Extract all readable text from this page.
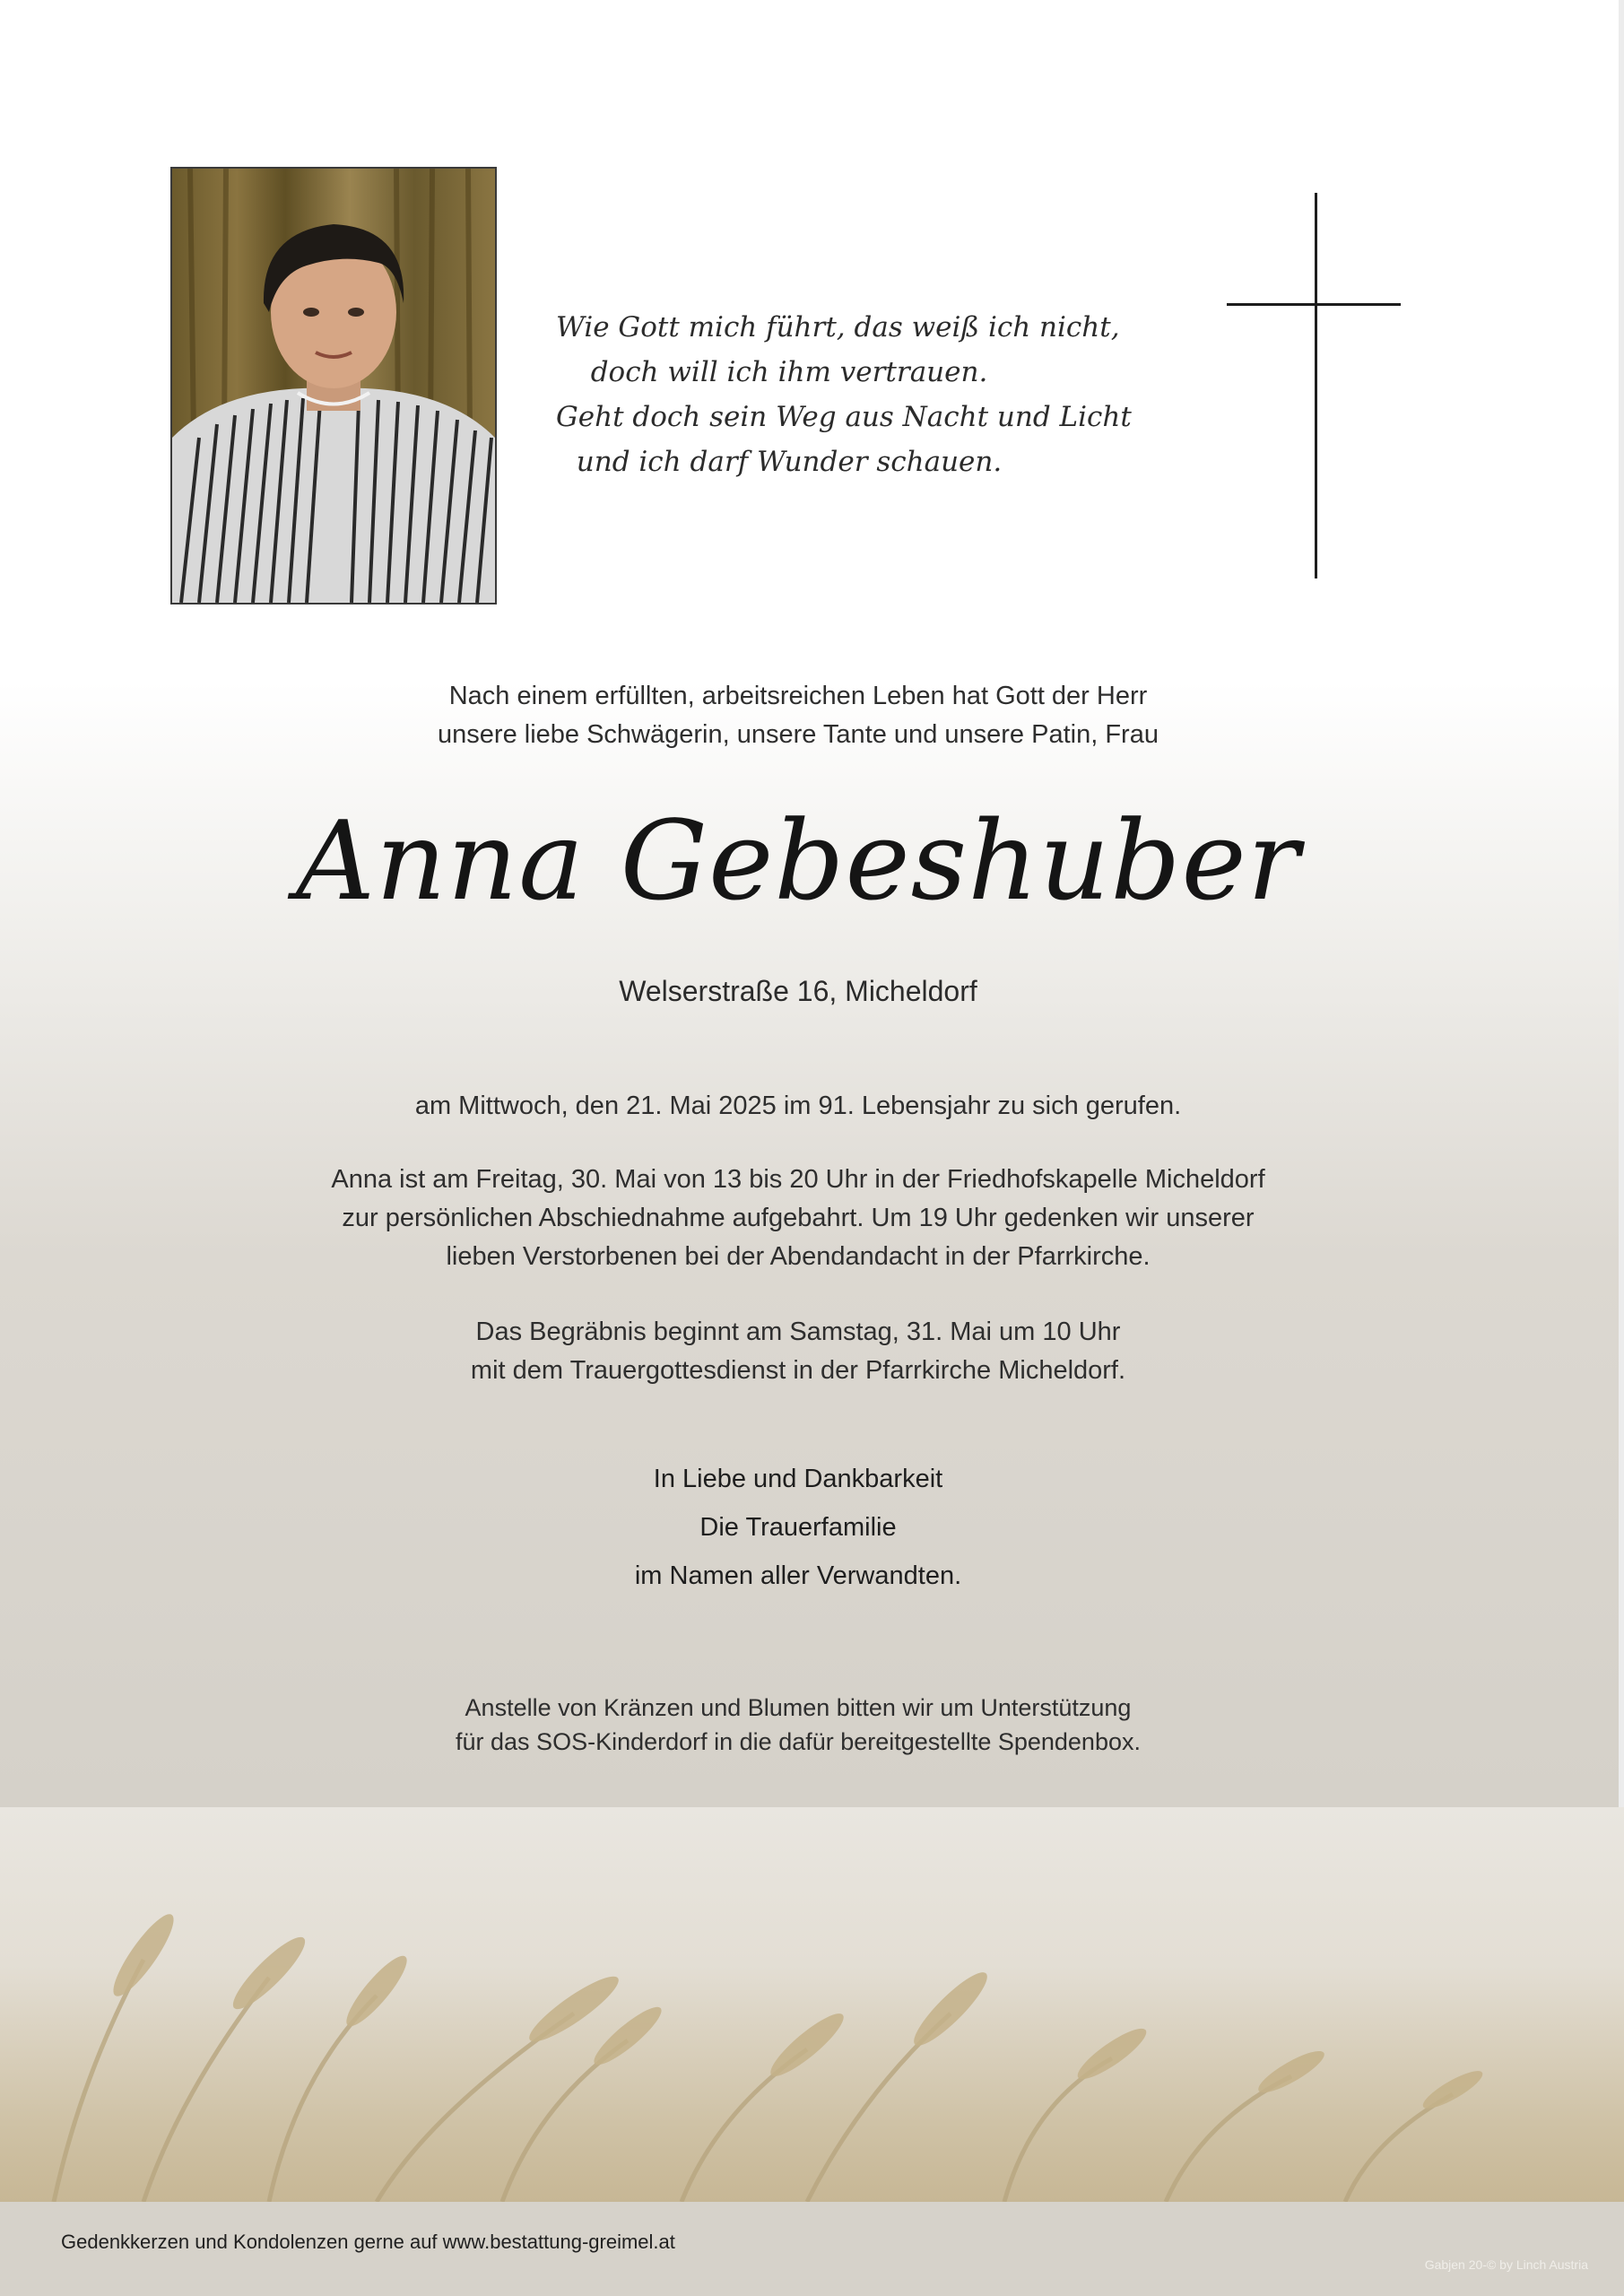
Wie Gott mich führt, das weiß ich nicht,
doch will ich ihm vertrauen.
Geht doch sein Weg aus Nacht und Licht
und ich darf Wunder schauen.
Nach einem erfüllten, arbeitsreichen Leben hat Gott der Herr
unsere liebe Schwägerin, unsere Tante und unsere Patin, Frau
Anna Gebeshuber
Welserstraße 16, Micheldorf
am Mittwoch, den 21. Mai 2025 im 91. Lebensjahr zu sich gerufen.
Anna ist am Freitag, 30. Mai von 13 bis 20 Uhr in der Friedhofskapelle Micheldorf
zur persönlichen Abschiednahme aufgebahrt. Um 19 Uhr gedenken wir unserer
lieben Verstorbenen bei der Abendandacht in der Pfarrkirche.
Das Begräbnis beginnt am Samstag, 31. Mai um 10 Uhr
mit dem Trauergottesdienst in der Pfarrkirche Micheldorf.
In Liebe und Dankbarkeit
Die Trauerfamilie
im Namen aller Verwandten.
Anstelle von Kränzen und Blumen bitten wir um Unterstützung
für das SOS-Kinderdorf in die dafür bereitgestellte Spendenbox.
Gedenkkerzen und Kondolenzen gerne auf www.bestattung-greimel.at
Gabjen 20-© by Linch Austria
